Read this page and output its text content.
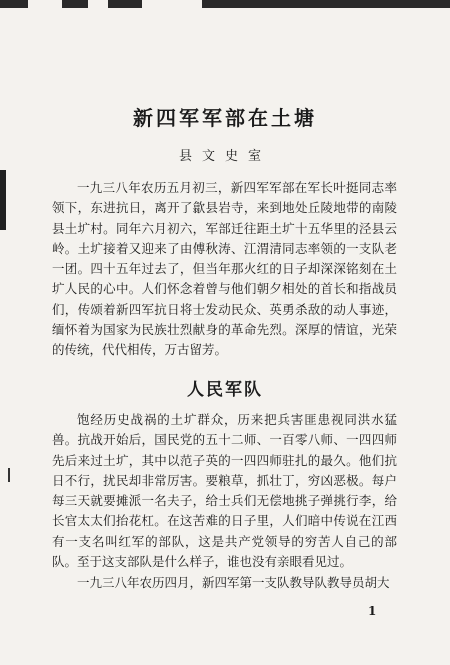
新四军军部在土塘
县文史室
一九三八年农历五月初三，新四军军部在军长叶挺同志率领下，东进抗日，离开了歙县岩寺，来到地处丘陵地带的南陵县土圹村。同年六月初六，军部迁往距土圹十五华里的泾县云岭。土圹接着又迎来了由傅秋涛、江渭清同志率领的一支队老一团。四十五年过去了，但当年那火红的日子却深深铭刻在土圹人民的心中。人们怀念着曾与他们朝夕相处的首长和指战员们，传颂着新四军抗日将士发动民众、英勇杀敌的动人事迹，缅怀着为国家为民族壮烈献身的革命先烈。深厚的情谊，光荣的传统，代代相传，万古留芳。
人民军队
饱经历史战祸的土圹群众，历来把兵害匪患视同洪水猛兽。抗战开始后，国民党的五十二师、一百零八师、一四四师先后来过土圹，其中以范子英的一四四师驻扎的最久。他们抗日不行，扰民却非常厉害。要粮草，抓壮丁，穷凶恶极。每户每三天就要摊派一名夫子，给士兵们无偿地挑子弹挑行李，给长官太太们抬花杠。在这苦难的日子里，人们暗中传说在江西有一支名叫红军的部队，这是共产党领导的穷苦人自己的部队。至于这支部队是什么样子，谁也没有亲眼看见过。
一九三八年农历四月，新四军第一支队教导队教导员胡大
1
